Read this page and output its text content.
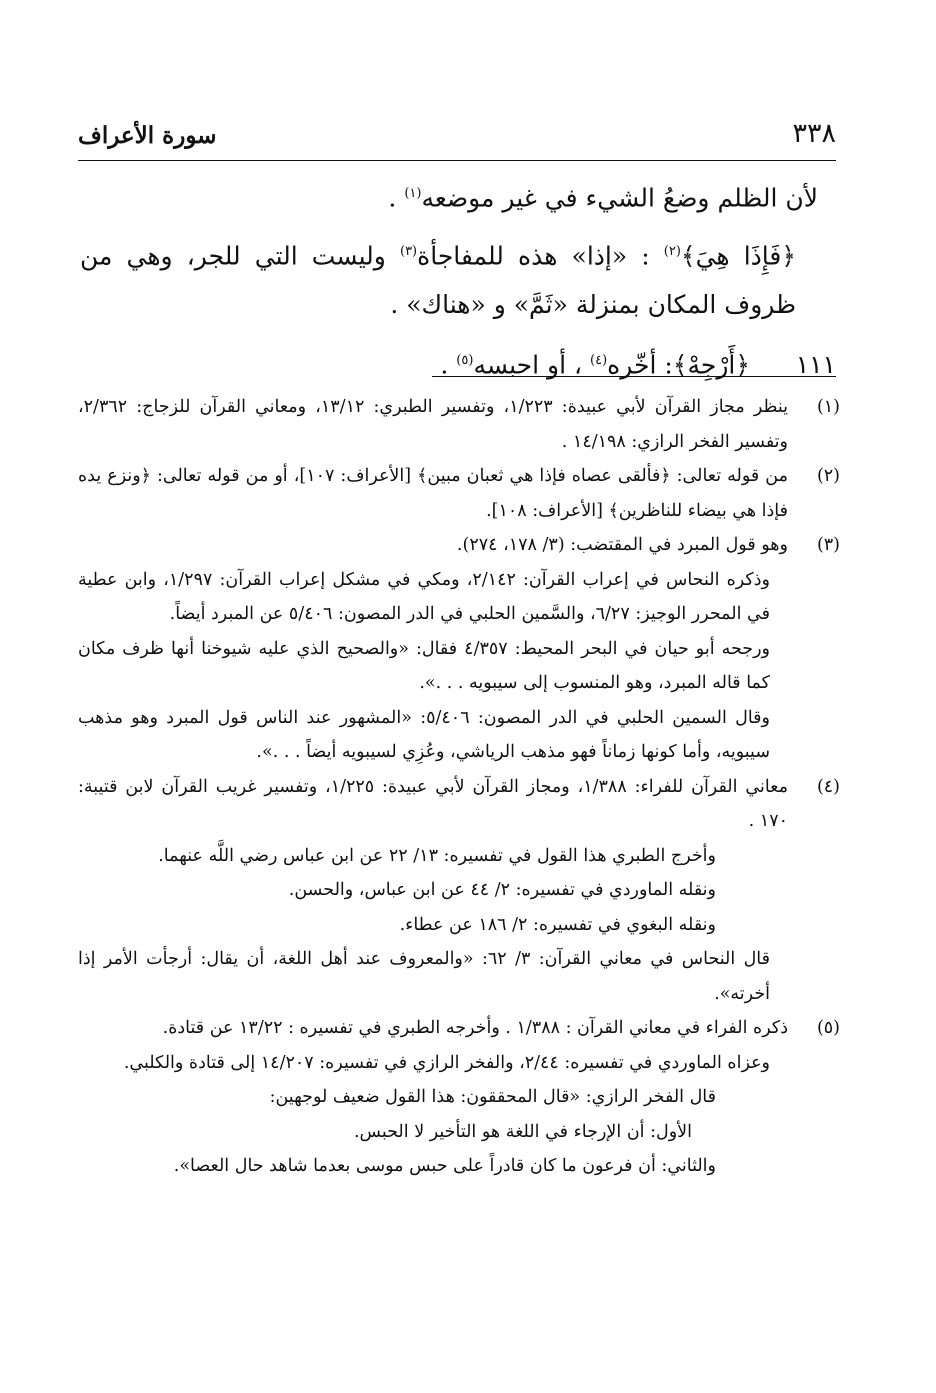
٣٣٨
سورة الأعراف

لأن الظلم وضعُ الشيء في غير موضعه$^{(١)}$ .

﴿فَإِذَا هِيَ﴾$^{(٢)}$ : «إذا» هذه للمفاجأة$^{(٣)}$ وليست التي للجر، وهي من ظروف المكان بمنزلة «ثَمَّ» و «هناك» .

١١١﴿أَرْجِهْ﴾: أخّره$^{(٤)}$ ، أو احبسه$^{(٥)}$ .

(١)

ينظر مجاز القرآن لأبي عبيدة: ١/٢٢٣، وتفسير الطبري: ١٣/١٢، ومعاني القرآن للزجاج: ٢/٣٦٢، وتفسير الفخر الرازي: ١٤/١٩٨ .

(٢)

من قوله تعالى: ﴿فألقى عصاه فإذا هي ثعبان مبين﴾ [الأعراف: ١٠٧]، أو من قوله تعالى: ﴿ونزع يده فإذا هي بيضاء للناظرين﴾ [الأعراف: ١٠٨].

(٣)

وهو قول المبرد في المقتضب: (٣/ ١٧٨، ٢٧٤).

وذكره النحاس في إعراب القرآن: ٢/١٤٢، ومكي في مشكل إعراب القرآن: ١/٢٩٧، وابن عطية في المحرر الوجيز: ٦/٢٧، والسَّمين الحلبي في الدر المصون: ٥/٤٠٦ عن المبرد أيضاً.

ورجحه أبو حيان في البحر المحيط: ٤/٣٥٧ فقال: «والصحيح الذي عليه شيوخنا أنها ظرف مكان كما قاله المبرد، وهو المنسوب إلى سيبويه . . .».

وقال السمين الحلبي في الدر المصون: ٥/٤٠٦: «المشهور عند الناس قول المبرد وهو مذهب سيبويه، وأما كونها زماناً فهو مذهب الرياشي، وعُزِي لسيبويه أيضاً . . .».

(٤)

معاني القرآن للفراء: ١/٣٨٨، ومجاز القرآن لأبي عبيدة: ١/٢٢٥، وتفسير غريب القرآن لابن قتيبة: ١٧٠ .

وأخرج الطبري هذا القول في تفسيره: ١٣/ ٢٢ عن ابن عباس رضي اللَّه عنهما.

ونقله الماوردي في تفسيره: ٢/ ٤٤ عن ابن عباس، والحسن.

ونقله البغوي في تفسيره: ٢/ ١٨٦ عن عطاء.

قال النحاس في معاني القرآن: ٣/ ٦٢: «والمعروف عند أهل اللغة، أن يقال: أرجأت الأمر إذا أخرته».

(٥)

ذكره الفراء في معاني القرآن : ١/٣٨٨ . وأخرجه الطبري في تفسيره : ١٣/٢٢ عن قتادة.

وعزاه الماوردي في تفسيره: ٢/٤٤، والفخر الرازي في تفسيره: ١٤/٢٠٧ إلى قتادة والكلبي.

قال الفخر الرازي: «قال المحققون: هذا القول ضعيف لوجهين:

الأول: أن الإرجاء في اللغة هو التأخير لا الحبس.

والثاني: أن فرعون ما كان قادراً على حبس موسى بعدما شاهد حال العصا».
